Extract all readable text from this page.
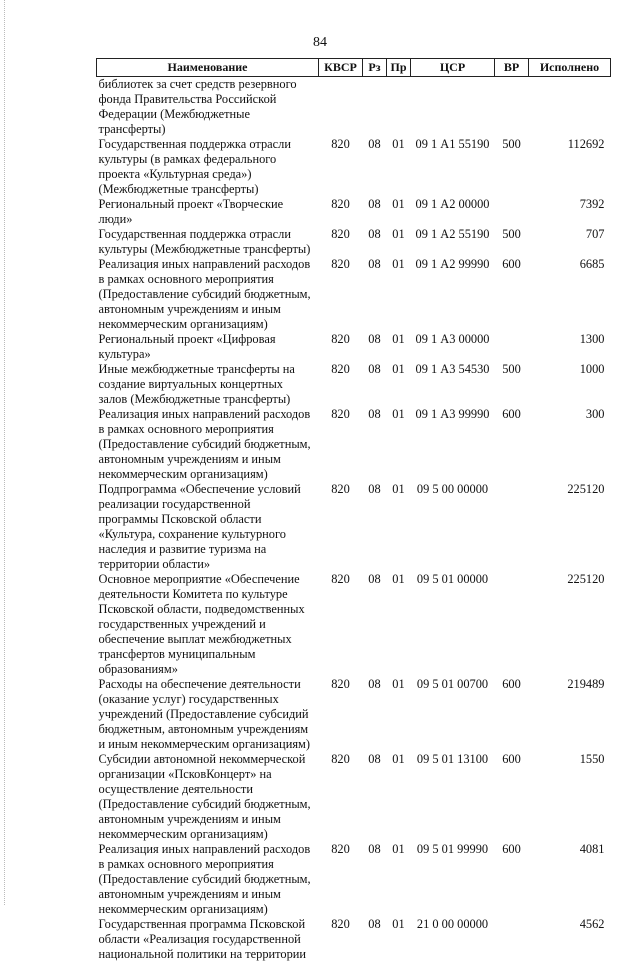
84
Наименование	КВСР	Рз	Пр	ЦСР	ВР	Исполнено
библиотек за счет средств резервного фонда Правительства Российской Федерации (Межбюджетные трансферты)						
Государственная поддержка отрасли культуры (в рамках федерального проекта «Культурная среда») (Межбюджетные трансферты)	820	08	01	09 1 А1 55190	500	112692
Региональный проект «Творческие люди»	820	08	01	09 1 А2 00000		7392
Государственная поддержка отрасли культуры (Межбюджетные трансферты)	820	08	01	09 1 А2 55190	500	707
Реализация иных направлений расходов в рамках основного мероприятия (Предоставление субсидий бюджетным, автономным учреждениям и иным некоммерческим организациям)	820	08	01	09 1 А2 99990	600	6685
Региональный проект «Цифровая культура»	820	08	01	09 1 А3 00000		1300
Иные межбюджетные трансферты на создание виртуальных концертных залов (Межбюджетные трансферты)	820	08	01	09 1 А3 54530	500	1000
Реализация иных направлений расходов в рамках основного мероприятия (Предоставление субсидий бюджетным, автономным учреждениям и иным некоммерческим организациям)	820	08	01	09 1 А3 99990	600	300
Подпрограмма «Обеспечение условий реализации государственной программы Псковской области «Культура, сохранение культурного наследия и развитие туризма на территории области»	820	08	01	09 5 00 00000		225120
Основное мероприятие «Обеспечение деятельности Комитета по культуре Псковской области, подведомственных государственных учреждений и обеспечение выплат межбюджетных трансфертов муниципальным образованиям»	820	08	01	09 5 01 00000		225120
Расходы на обеспечение деятельности (оказание услуг) государственных учреждений (Предоставление субсидий бюджетным, автономным учреждениям и иным некоммерческим организациям)	820	08	01	09 5 01 00700	600	219489
Субсидии автономной некоммерческой организации «ПсковКонцерт» на осуществление деятельности (Предоставление субсидий бюджетным, автономным учреждениям и иным некоммерческим организациям)	820	08	01	09 5 01 13100	600	1550
Реализация иных направлений расходов в рамках основного мероприятия (Предоставление субсидий бюджетным, автономным учреждениям и иным некоммерческим организациям)	820	08	01	09 5 01 99990	600	4081
Государственная программа Псковской области «Реализация государственной национальной политики на территории	820	08	01	21 0 00 00000		4562
